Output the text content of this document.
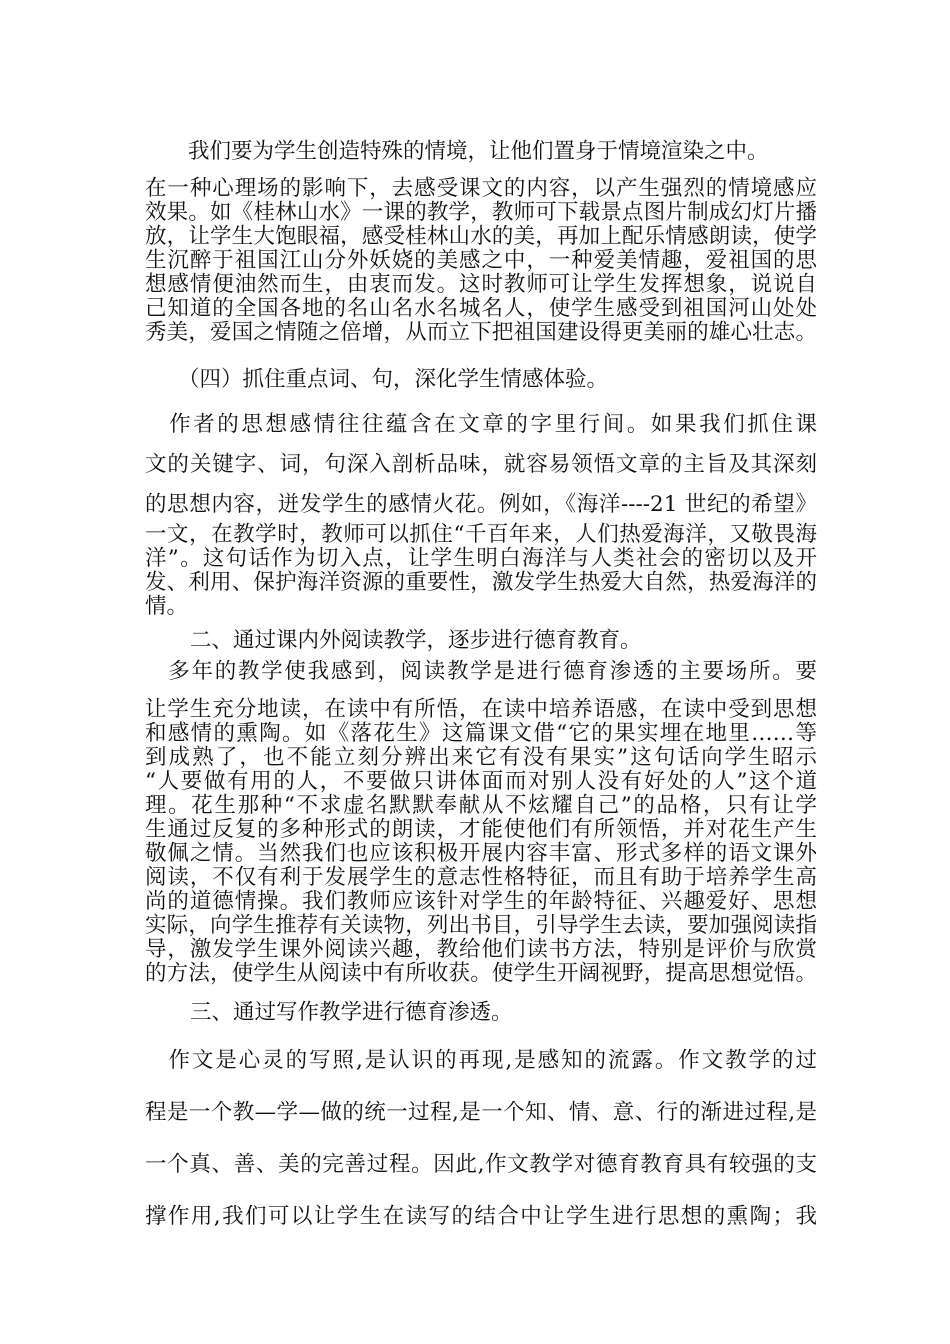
　　我们要为学生创造特殊的情境，让他们置身于情境渲染之中。

在一种心理场的影响下，去感受课文的内容，以产生强烈的情境感应
效果。如《桂林山水》一课的教学，教师可下载景点图片制成幻灯片播
放，让学生大饱眼福，感受桂林山水的美，再加上配乐情感朗读，使学
生沉醉于祖国江山分外妖娆的美感之中，一种爱美情趣，爱祖国的思
想感情便油然而生，由衷而发。这时教师可让学生发挥想象，说说自
己知道的全国各地的名山名水名城名人，使学生感受到祖国河山处处
秀美，爱国之情随之倍增，从而立下把祖国建设得更美丽的雄心壮志。

（四）抓住重点词、句，深化学生情感体验。

　作者的思想感情往往蕴含在文章的字里行间。如果我们抓住课
文的关键字、词，句深入剖析品味，就容易领悟文章的主旨及其深刻
的思想内容，迸发学生的感情火花。例如，《海洋----21 世纪的希望》

一文，在教学时，教师可以抓住“千百年来，人们热爱海洋，又敬畏海
洋”。这句话作为切入点，让学生明白海洋与人类社会的密切以及开
发、利用、保护海洋资源的重要性，激发学生热爱大自然，热爱海洋的
情。

二、通过课内外阅读教学，逐步进行德育教育。

　多年的教学使我感到，阅读教学是进行德育渗透的主要场所。要

让学生充分地读，在读中有所悟，在读中培养语感，在读中受到思想
和感情的熏陶。如《落花生》这篇课文借“它的果实埋在地里……等
到成熟了，也不能立刻分辨出来它有没有果实”这句话向学生昭示
“人要做有用的人，不要做只讲体面而对别人没有好处的人”这个道
理。花生那种“不求虚名默默奉献从不炫耀自己”的品格，只有让学
生通过反复的多种形式的朗读，才能使他们有所领悟，并对花生产生
敬佩之情。当然我们也应该积极开展内容丰富、形式多样的语文课外
阅读，不仅有利于发展学生的意志性格特征，而且有助于培养学生高
尚的道德情操。我们教师应该针对学生的年龄特征、兴趣爱好、思想
实际，向学生推荐有关读物，列出书目，引导学生去读，要加强阅读指
导，激发学生课外阅读兴趣，教给他们读书方法，特别是评价与欣赏
的方法，使学生从阅读中有所收获。使学生开阔视野，提高思想觉悟。

三、通过写作教学进行德育渗透。

　作文是心灵的写照,是认识的再现,是感知的流露。作文教学的过
程是一个教—学—做的统一过程,是一个知、情、意、行的渐进过程,是
一个真、善、美的完善过程。因此,作文教学对德育教育具有较强的支
撑作用,我们可以让学生在读写的结合中让学生进行思想的熏陶；我
